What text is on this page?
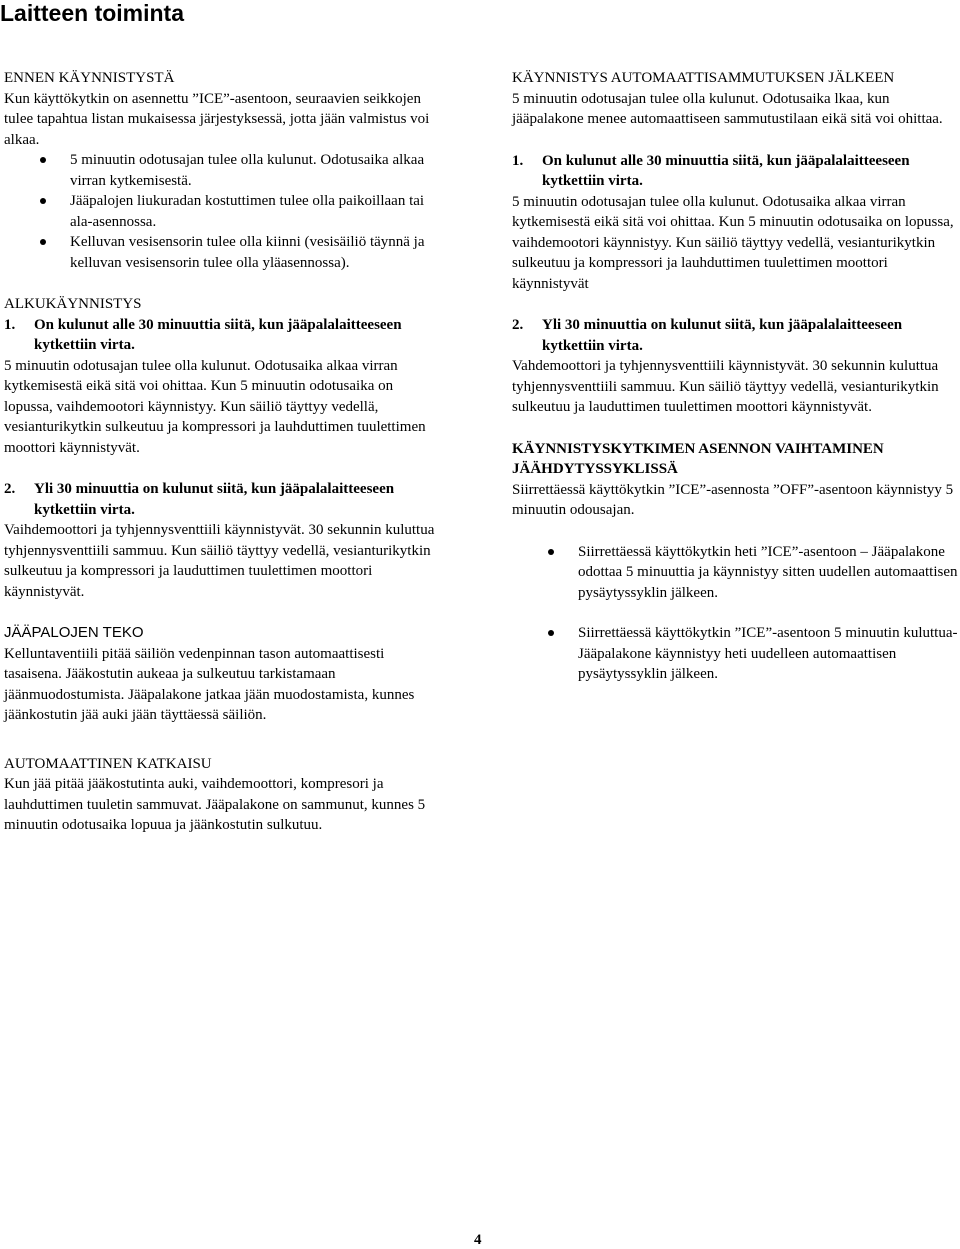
Laitteen toiminta

ENNEN KÄYNNISTYSTÄ

Kun käyttökytkin on asennettu ”ICE”-asentoon, seuraavien seikkojen tulee tapahtua listan mukaisessa järjestyksessä, jotta jään valmistus voi alkaa.

5 minuutin odotusajan tulee olla kulunut. Odotusaika alkaa virran kytkemisestä.
Jääpalojen liukuradan kostuttimen tulee olla paikoillaan tai ala-asennossa.
Kelluvan vesisensorin tulee olla kiinni (vesisäiliö täynnä ja kelluvan vesisensorin tulee olla yläasennossa).

ALKUKÄYNNISTYS

1.	On kulunut alle 30 minuuttia siitä, kun jääpalalaitteeseen kytkettiin virta.

5 minuutin odotusajan tulee olla kulunut. Odotusaika alkaa virran kytkemisestä eikä sitä voi ohittaa. Kun 5 minuutin odotusaika on lopussa, vaihdemootori käynnistyy. Kun säiliö täyttyy vedellä, vesianturikytkin sulkeutuu ja kompressori ja lauhduttimen tuulettimen moottori käynnistyvät.

2.	Yli 30 minuuttia on kulunut siitä, kun jääpalalaitteeseen kytkettiin virta.

Vaihdemoottori ja tyhjennysventtiili käynnistyvät. 30 sekunnin kuluttua tyhjennysventtiili sammuu. Kun säiliö täyttyy vedellä, vesianturikytkin sulkeutuu ja kompressori ja lauduttimen tuulettimen moottori käynnistyvät.

JÄÄPALOJEN TEKO

Kelluntaventiili pitää säiliön vedenpinnan tason automaattisesti tasaisena. Jääkostutin aukeaa ja sulkeutuu tarkistamaan jäänmuodostumista. Jääpalakone jatkaa jään muodostamista, kunnes jäänkostutin jää auki jään täyttäessä säiliön.

AUTOMAATTINEN KATKAISU

Kun jää pitää jääkostutinta auki, vaihdemoottori, kompresori ja lauhduttimen tuuletin sammuvat. Jääpalakone on sammunut, kunnes 5 minuutin odotusaika lopuua ja jäänkostutin sulkutuu.

KÄYNNISTYS AUTOMAATTISAMMUTUKSEN JÄLKEEN

5 minuutin odotusajan tulee olla kulunut. Odotusaika lkaa, kun jääpalakone menee automaattiseen sammutustilaan eikä sitä voi ohittaa.

1.	On kulunut alle 30 minuuttia siitä, kun jääpalalaitteeseen kytkettiin virta.

5 minuutin odotusajan tulee olla kulunut. Odotusaika alkaa virran kytkemisestä eikä sitä voi ohittaa. Kun 5 minuutin odotusaika on lopussa, vaihdemootori käynnistyy. Kun säiliö täyttyy vedellä, vesianturikytkin sulkeutuu ja kompressori ja lauhduttimen tuulettimen moottori käynnistyvät

2.	Yli 30 minuuttia on kulunut siitä, kun jääpalalaitteeseen kytkettiin virta.

Vahdemoottori ja tyhjennysventtiili käynnistyvät. 30 sekunnin kuluttua tyhjennysventtiili sammuu. Kun säiliö täyttyy vedellä, vesianturikytkin sulkeutuu ja lauduttimen tuulettimen moottori käynnistyvät.

KÄYNNISTYSKYTKIMEN ASENNON VAIHTAMINEN JÄÄHDYTYSSYKLISSÄ

Siirrettäessä käyttökytkin ”ICE”-asennosta ”OFF”-asentoon käynnistyy 5 minuutin odousajan.

Siirrettäessä käyttökytkin heti ”ICE”-asentoon – Jääpalakone odottaa 5 minuuttia ja käynnistyy sitten uudellen automaattisen pysäytyssyklin jälkeen.
Siirrettäessä käyttökytkin ”ICE”-asentoon 5 minuutin kuluttua- Jääpalakone käynnistyy heti uudelleen automaattisen pysäytyssyklin jälkeen.
4
